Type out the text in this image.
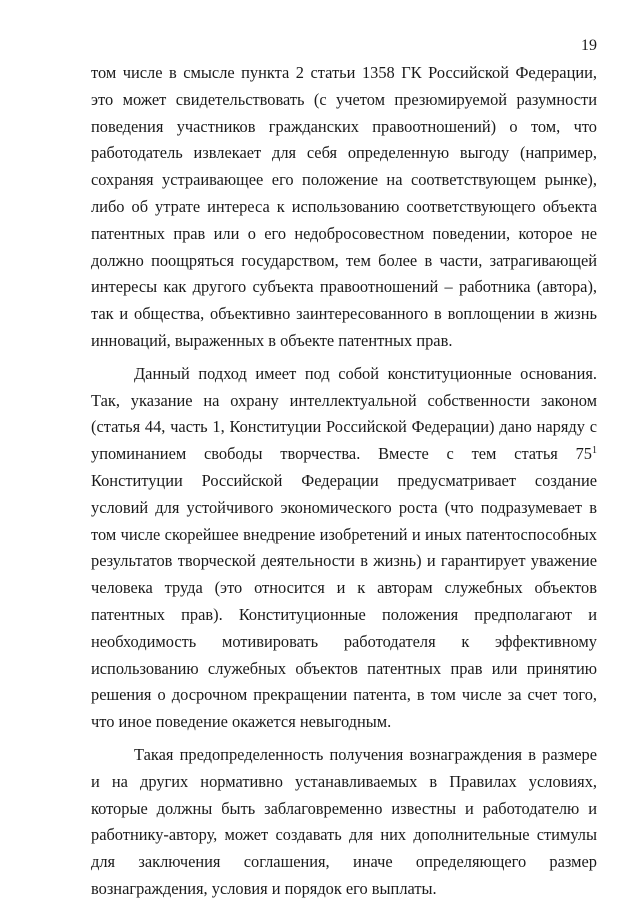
19

том числе в смысле пункта 2 статьи 1358 ГК Российской Федерации, это может свидетельствовать (с учетом презюмируемой разумности поведения участников гражданских правоотношений) о том, что работодатель извлекает для себя определенную выгоду (например, сохраняя устраивающее его положение на соответствующем рынке), либо об утрате интереса к использованию соответствующего объекта патентных прав или о его недобросовестном поведении, которое не должно поощряться государством, тем более в части, затрагивающей интересы как другого субъекта правоотношений – работника (автора), так и общества, объективно заинтересованного в воплощении в жизнь инноваций, выраженных в объекте патентных прав.

Данный подход имеет под собой конституционные основания. Так, указание на охрану интеллектуальной собственности законом (статья 44, часть 1, Конституции Российской Федерации) дано наряду с упоминанием свободы творчества. Вместе с тем статья $75^1$ Конституции Российской Федерации предусматривает создание условий для устойчивого экономического роста (что подразумевает в том числе скорейшее внедрение изобретений и иных патентоспособных результатов творческой деятельности в жизнь) и гарантирует уважение человека труда (это относится и к авторам служебных объектов патентных прав). Конституционные положения предполагают и необходимость мотивировать работодателя к эффективному использованию служебных объектов патентных прав или принятию решения о досрочном прекращении патента, в том числе за счет того, что иное поведение окажется невыгодным.

Такая предопределенность получения вознаграждения в размере и на других нормативно устанавливаемых в Правилах условиях, которые должны быть заблаговременно известны и работодателю и работнику-автору, может создавать для них дополнительные стимулы для заключения соглашения, иначе определяющего размер вознаграждения, условия и порядок его выплаты.
